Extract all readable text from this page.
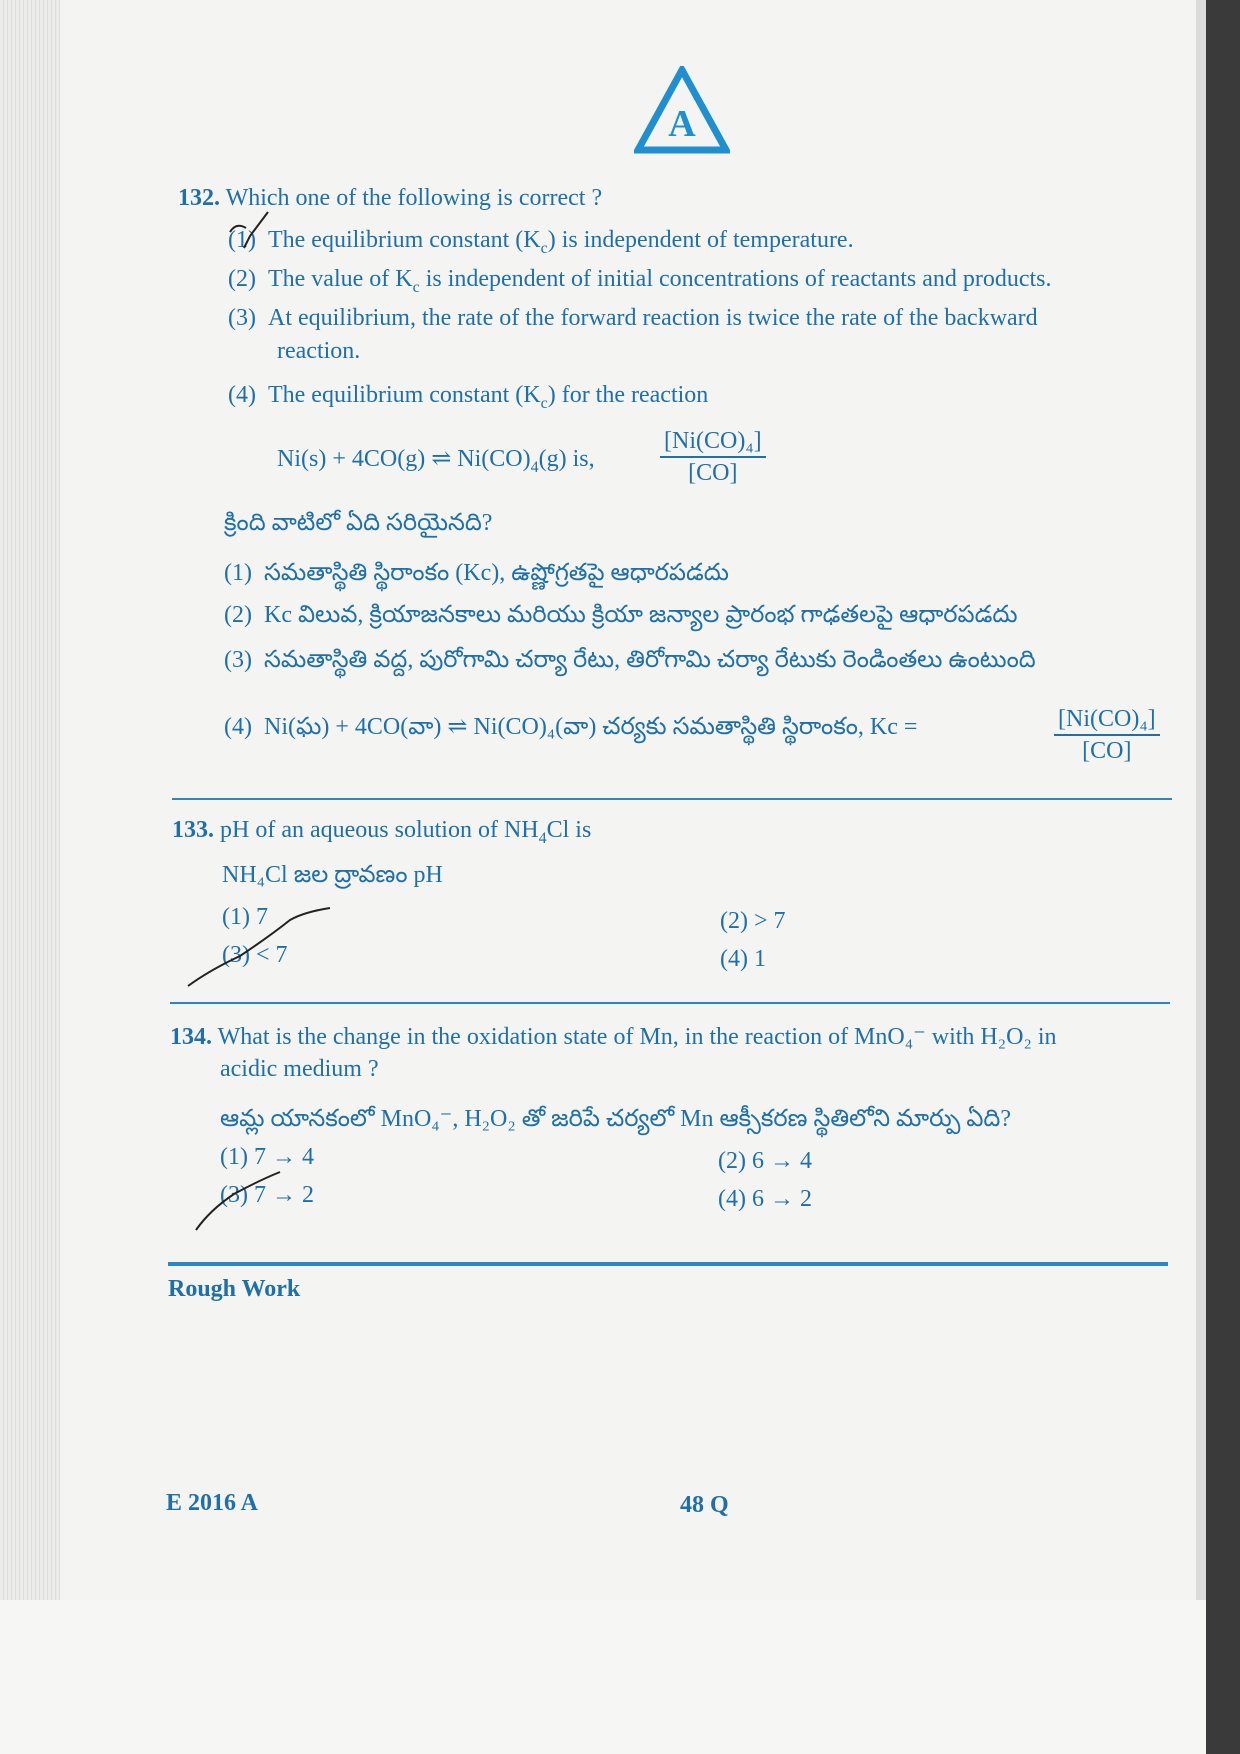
A
132. Which one of the following is correct ?
(1) The equilibrium constant $(K_c)$ is independent of temperature.
(2) The value of $K_c$ is independent of initial concentrations of reactants and products.
(3) At equilibrium, the rate of the forward reaction is twice the rate of the backward
reaction.
(4) The equilibrium constant $(K_c)$ for the reaction
Ni(s) + 4CO(g) ⇌ $Ni(CO)_4(g)$ is,	$\frac{\text{[Ni(CO)₄]}}{[CO]}$
క్రింది వాటిలో ఏది సరియైనది?
(1) సమతాస్థితి స్థిరాంకం (Kc), ఉష్ణోగ్రతపై ఆధారపడదు
(2) Kc విలువ, క్రియాజనకాలు మరియు క్రియా జన్యాల ప్రారంభ గాఢతలపై ఆధారపడదు
(3) సమతాస్థితి వద్ద, పురోగామి చర్యా రేటు, తిరోగామి చర్యా రేటుకు రెండింతలు ఉంటుంది
(4) Ni(ఘ) + 4CO(వా) ⇌ Ni(CO)₄(వా) చర్యకు సమతాస్థితి స్థిరాంకం, Kc =	$\frac{\text{[Ni(CO)₄]}}{[CO]}$
133. pH of an aqueous solution of $NH_4Cl$ is
NH₄Cl జల ద్రావణం pH
(1) 7	(2) > 7
(3) < 7	(4) 1
134. What is the change in the oxidation state of Mn, in the reaction of MnO₄⁻ with H₂O₂ in
acidic medium ?
ఆమ్ల యానకంలో MnO₄⁻, H₂O₂ తో జరిపే చర్యలో Mn ఆక్సీకరణ స్థితిలోని మార్పు ఏది?
(1) 7 → 4	(2) 6 → 4
(3) 7 → 2	(4) 6 → 2
Rough Work
E 2016 A	48 Q
